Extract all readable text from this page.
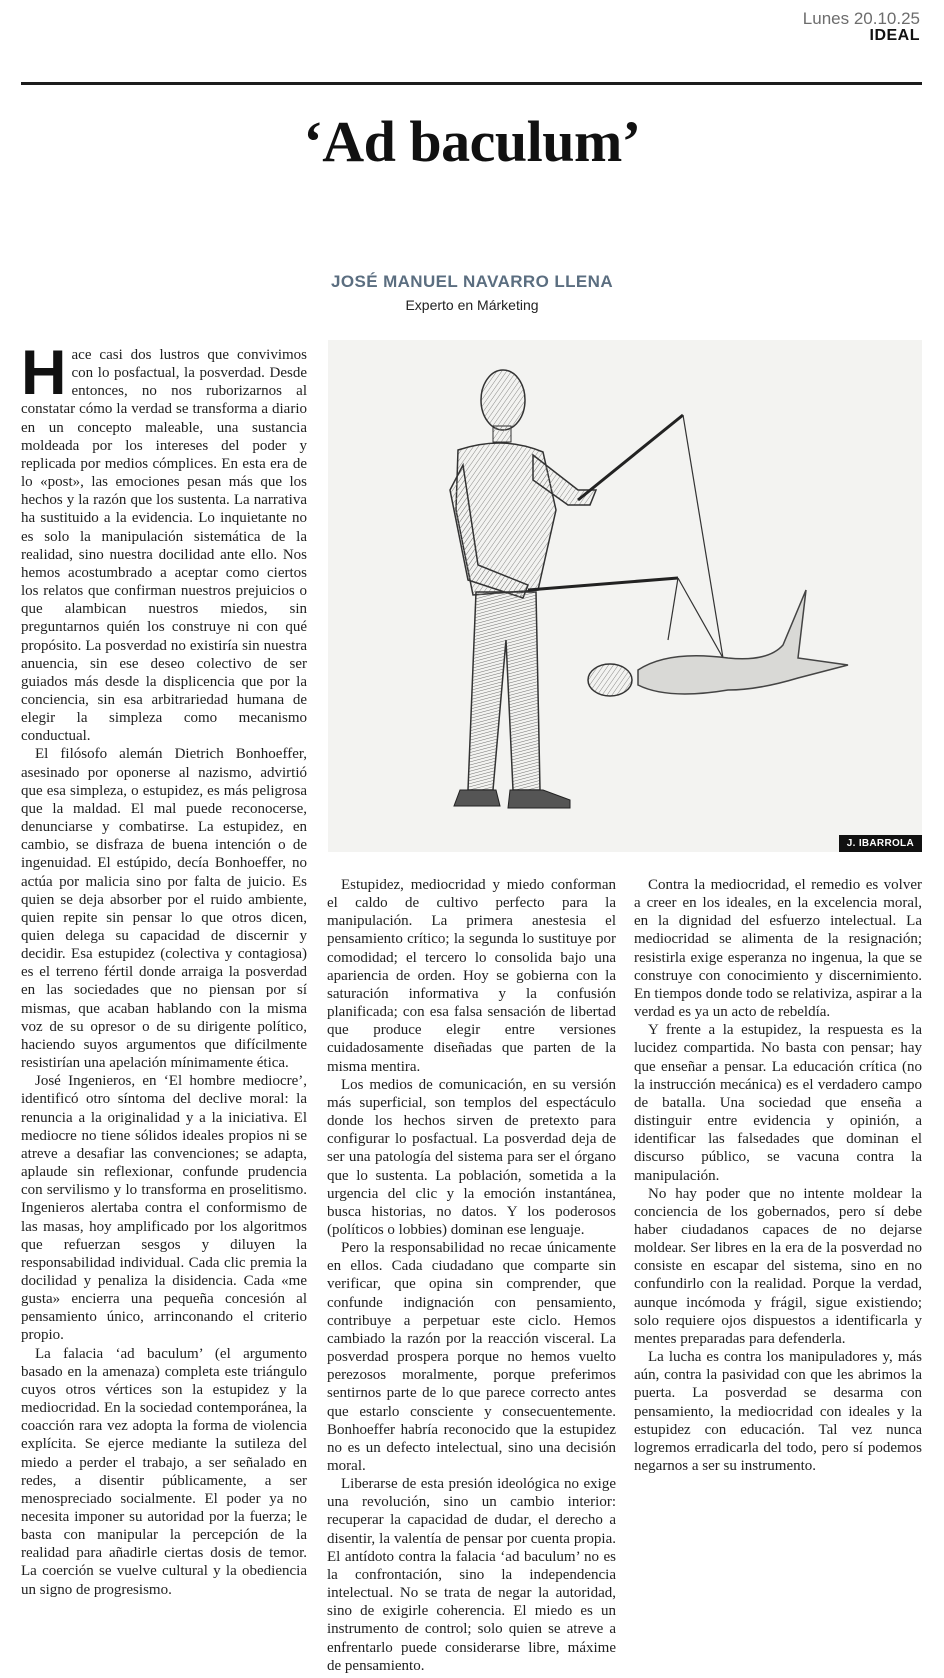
Lunes 20.10.25
IDEAL
‘Ad baculum’
JOSÉ MANUEL NAVARRO LLENA
Experto en Márketing
J. IBARROLA

Hace casi dos lustros que convivimos con lo posfactual, la posverdad. Desde entonces, no nos ruborizarnos al constatar cómo la verdad se transforma a diario en un concepto maleable, una sustancia moldeada por los intereses del poder y replicada por medios cómplices. En esta era de lo «post», las emociones pesan más que los hechos y la razón que los sustenta. La narrativa ha sustituido a la evidencia. Lo inquietante no es solo la manipulación sistemática de la realidad, sino nuestra docilidad ante ello. Nos hemos acostumbrado a aceptar como ciertos los relatos que confirman nuestros prejuicios o que alambican nuestros miedos, sin preguntarnos quién los construye ni con qué propósito. La posverdad no existiría sin nuestra anuencia, sin ese deseo colectivo de ser guiados más desde la displicencia que por la conciencia, sin esa arbitrariedad humana de elegir la simpleza como mecanismo conductual.

El filósofo alemán Dietrich Bonhoeffer, asesinado por oponerse al nazismo, advirtió que esa simpleza, o estupidez, es más peligrosa que la maldad. El mal puede reconocerse, denunciarse y combatirse. La estupidez, en cambio, se disfraza de buena intención o de ingenuidad. El estúpido, decía Bonhoeffer, no actúa por malicia sino por falta de juicio. Es quien se deja absorber por el ruido ambiente, quien repite sin pensar lo que otros dicen, quien delega su capacidad de discernir y decidir. Esa estupidez (colectiva y contagiosa) es el terreno fértil donde arraiga la posverdad en las sociedades que no piensan por sí mismas, que acaban hablando con la misma voz de su opresor o de su dirigente político, haciendo suyos argumentos que difícilmente resistirían una apelación mínimamente ética.

José Ingenieros, en ‘El hombre mediocre’, identificó otro síntoma del declive moral: la renuncia a la originalidad y a la iniciativa. El mediocre no tiene sólidos ideales propios ni se atreve a desafiar las convenciones; se adapta, aplaude sin reflexionar, confunde prudencia con servilismo y lo transforma en proselitismo. Ingenieros alertaba contra el conformismo de las masas, hoy amplificado por los algoritmos que refuerzan sesgos y diluyen la responsabilidad individual. Cada clic premia la docilidad y penaliza la disidencia. Cada «me gusta» encierra una pequeña concesión al pensamiento único, arrinconando el criterio propio.

La falacia ‘ad baculum’ (el argumento basado en la amenaza) completa este triángulo cuyos otros vértices son la estupidez y la mediocridad. En la sociedad contemporánea, la coacción rara vez adopta la forma de violencia explícita. Se ejerce mediante la sutileza del miedo a perder el trabajo, a ser señalado en redes, a disentir públicamente, a ser menospreciado socialmente. El poder ya no necesita imponer su autoridad por la fuerza; le basta con manipular la percepción de la realidad para añadirle ciertas dosis de temor. La coerción se vuelve cultural y la obediencia un signo de progresismo.

Estupidez, mediocridad y miedo conforman el caldo de cultivo perfecto para la manipulación. La primera anestesia el pensamiento crítico; la segunda lo sustituye por comodidad; el tercero lo consolida bajo una apariencia de orden. Hoy se gobierna con la saturación informativa y la confusión planificada; con esa falsa sensación de libertad que produce elegir entre versiones cuidadosamente diseñadas que parten de la misma mentira.

Los medios de comunicación, en su versión más superficial, son templos del espectáculo donde los hechos sirven de pretexto para configurar lo posfactual. La posverdad deja de ser una patología del sistema para ser el órgano que lo sustenta. La población, sometida a la urgencia del clic y la emoción instantánea, busca historias, no datos. Y los poderosos (políticos o lobbies) dominan ese lenguaje.

Pero la responsabilidad no recae únicamente en ellos. Cada ciudadano que comparte sin verificar, que opina sin comprender, que confunde indignación con pensamiento, contribuye a perpetuar este ciclo. Hemos cambiado la razón por la reacción visceral. La posverdad prospera porque no hemos vuelto perezosos moralmente, porque preferimos sentirnos parte de lo que parece correcto antes que estarlo consciente y consecuentemente. Bonhoeffer habría reconocido que la estupidez no es un defecto intelectual, sino una decisión moral.

Liberarse de esta presión ideológica no exige una revolución, sino un cambio interior: recuperar la capacidad de dudar, el derecho a disentir, la valentía de pensar por cuenta propia. El antídoto contra la falacia ‘ad baculum’ no es la confrontación, sino la independencia intelectual. No se trata de negar la autoridad, sino de exigirle coherencia. El miedo es un instrumento de control; solo quien se atreve a enfrentarlo puede considerarse libre, máxime de pensamiento.

Contra la mediocridad, el remedio es volver a creer en los ideales, en la excelencia moral, en la dignidad del esfuerzo intelectual. La mediocridad se alimenta de la resignación; resistirla exige esperanza no ingenua, la que se construye con conocimiento y discernimiento. En tiempos donde todo se relativiza, aspirar a la verdad es ya un acto de rebeldía.

Y frente a la estupidez, la respuesta es la lucidez compartida. No basta con pensar; hay que enseñar a pensar. La educación crítica (no la instrucción mecánica) es el verdadero campo de batalla. Una sociedad que enseña a distinguir entre evidencia y opinión, a identificar las falsedades que dominan el discurso público, se vacuna contra la manipulación.

No hay poder que no intente moldear la conciencia de los gobernados, pero sí debe haber ciudadanos capaces de no dejarse moldear. Ser libres en la era de la posverdad no consiste en escapar del sistema, sino en no confundirlo con la realidad. Porque la verdad, aunque incómoda y frágil, sigue existiendo; solo requiere ojos dispuestos a identificarla y mentes preparadas para defenderla.

La lucha es contra los manipuladores y, más aún, contra la pasividad con que les abrimos la puerta. La posverdad se desarma con pensamiento, la mediocridad con ideales y la estupidez con educación. Tal vez nunca logremos erradicarla del todo, pero sí podemos negarnos a ser su instrumento.
